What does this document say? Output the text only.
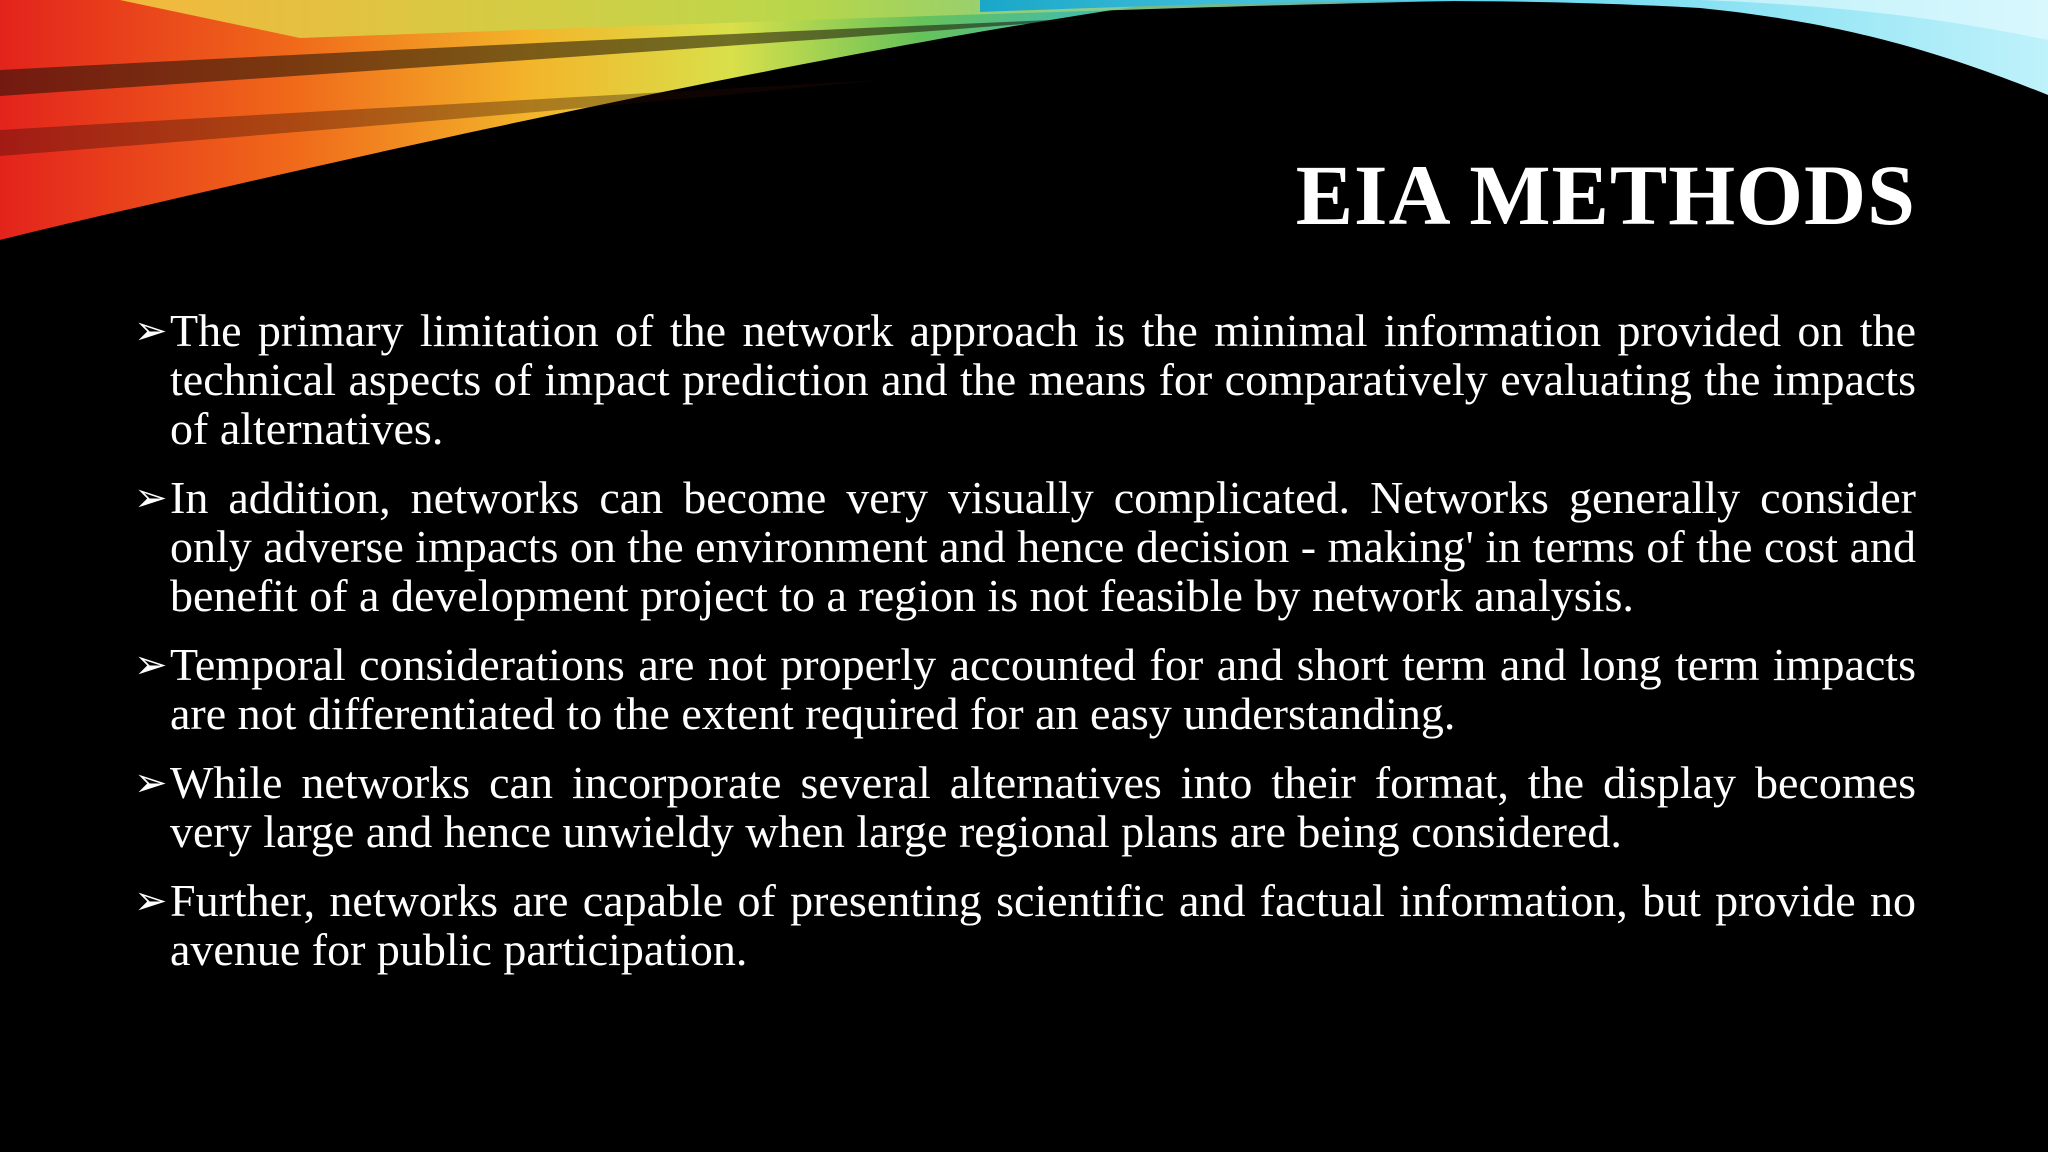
EIA METHODS
➢ The primary limitation of the network approach is the minimal information provided on the technical aspects of impact prediction and the means for comparatively evaluating the impacts of alternatives.
➢ In addition, networks can become very visually complicated. Networks generally consider only adverse impacts on the environment and hence decision - making' in terms of the cost and benefit of a development project to a region is not feasible by network analysis.
➢ Temporal considerations are not properly accounted for and short term and long term impacts are not differentiated to the extent required for an easy understanding.
➢ While networks can incorporate several alternatives into their format, the display becomes very large and hence unwieldy when large regional plans are being considered.
➢ Further, networks are capable of presenting scientific and factual information, but provide no avenue for public participation.
